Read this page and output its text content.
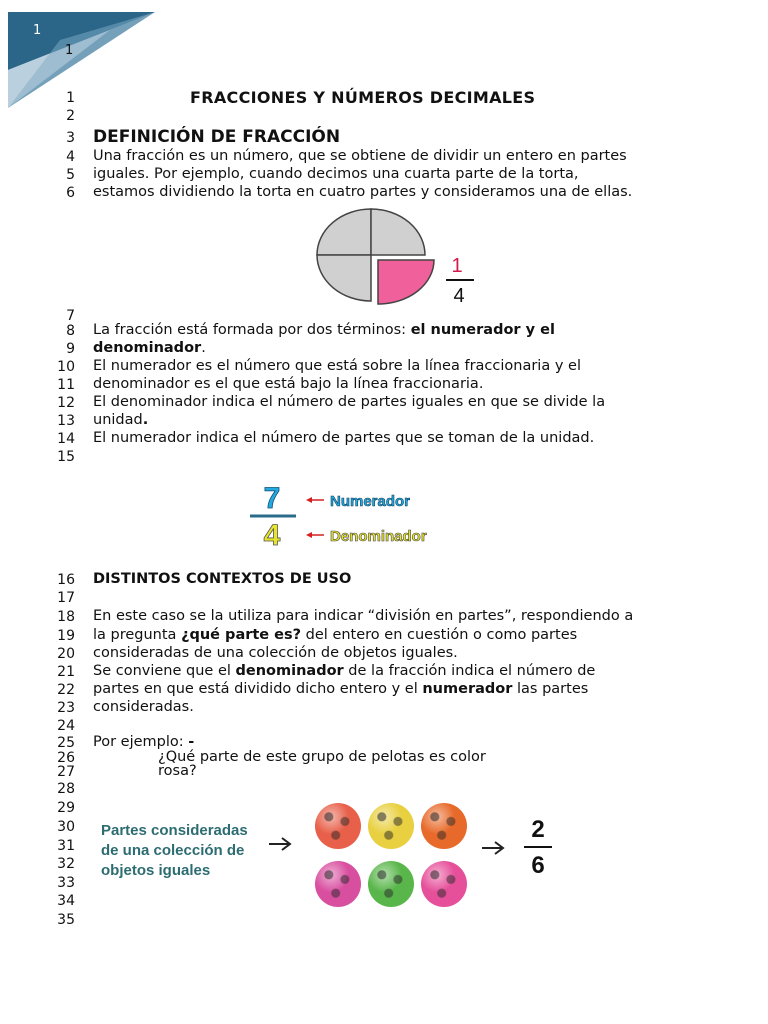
1
1
1
2
3
4
5
6
7
8
9
10
11
12
13
14
15
16
17
18
19
20
21
22
23
24
25
26
27
28
29
30
31
32
33
34
35
FRACCIONES Y NÚMEROS DECIMALES
DEFINICIÓN DE FRACCIÓN
Una fracción es un número, que se obtiene de dividir un entero en partes
iguales. Por ejemplo, cuando decimos una cuarta parte de la torta,
estamos dividiendo la torta en cuatro partes y consideramos una de ellas.
1
4
La fracción está formada por dos términos: el numerador y el
denominador.
El numerador es el número que está sobre la línea fraccionaria y el
denominador es el que está bajo la línea fraccionaria.
El denominador indica el número de partes iguales en que se divide la
unidad.
El numerador indica el número de partes que se toman de la unidad.
7
4
Numerador
Denominador
DISTINTOS CONTEXTOS DE USO
En este caso se la utiliza para indicar “división en partes”, respondiendo a
la pregunta ¿qué parte es? del entero en cuestión o como partes
consideradas de una colección de objetos iguales.
Se conviene que el denominador de la fracción indica el número de
partes en que está dividido dicho entero y el numerador las partes
consideradas.
Por ejemplo: -
¿Qué parte de este grupo de pelotas es color
rosa?
Partes consideradas
de una colección de
objetos iguales
2
6
